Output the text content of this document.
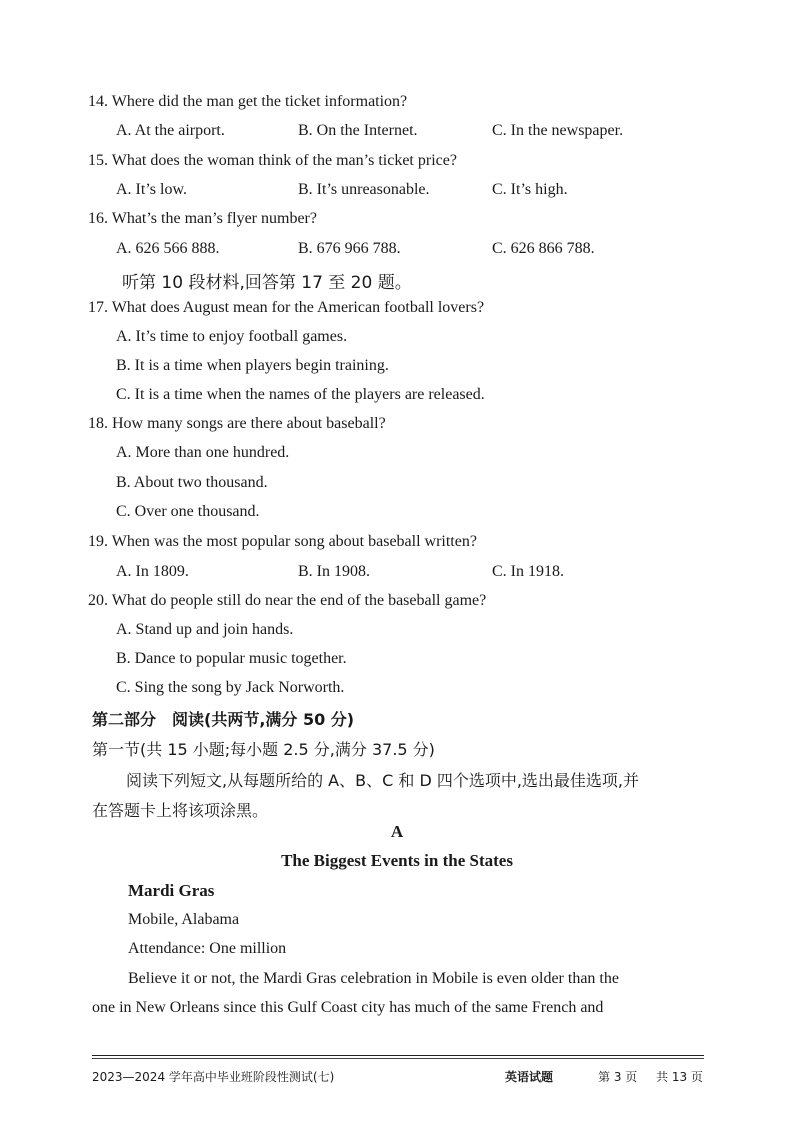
14. Where did the man get the ticket information?
A. At the airport.	B. On the Internet.	C. In the newspaper.
15. What does the woman think of the man’s ticket price?
A. It’s low.	B. It’s unreasonable.	C. It’s high.
16. What’s the man’s flyer number?
A. 626 566 888.	B. 676 966 788.	C. 626 866 788.
听第 10 段材料,回答第 17 至 20 题。
17. What does August mean for the American football lovers?
A. It’s time to enjoy football games.
B. It is a time when players begin training.
C. It is a time when the names of the players are released.
18. How many songs are there about baseball?
A. More than one hundred.
B. About two thousand.
C. Over one thousand.
19. When was the most popular song about baseball written?
A. In 1809.	B. In 1908.	C. In 1918.
20. What do people still do near the end of the baseball game?
A. Stand up and join hands.
B. Dance to popular music together.
C. Sing the song by Jack Norworth.
第二部分　阅读(共两节,满分 50 分)
第一节(共 15 小题;每小题 2.5 分,满分 37.5 分)
阅读下列短文,从每题所给的 A、B、C 和 D 四个选项中,选出最佳选项,并
在答题卡上将该项涂黑。
A
The Biggest Events in the States
Mardi Gras
Mobile, Alabama
Attendance: One million
Believe it or not, the Mardi Gras celebration in Mobile is even older than the
one in New Orleans since this Gulf Coast city has much of the same French and
2023—2024 学年高中毕业班阶段性测试(七)	英语试题	第 3 页 共 13 页
